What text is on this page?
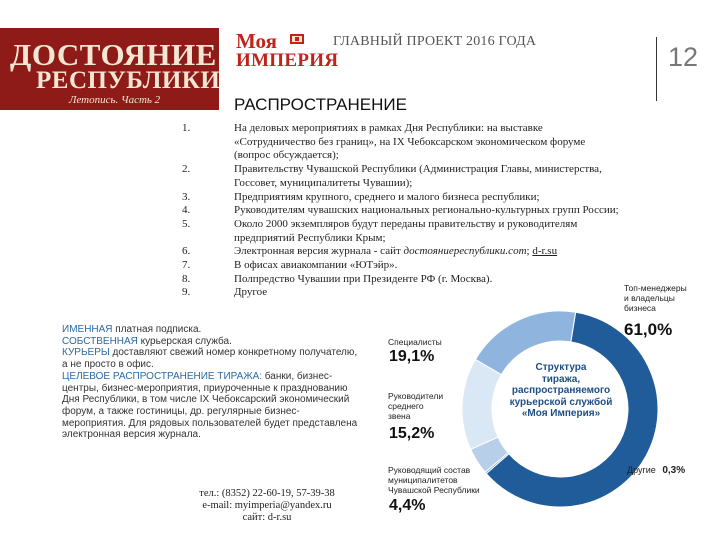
ДОСТОЯНИЕ
РЕСПУБЛИКИ
Летопись. Часть 2
Моя
ИМПЕРИЯ
ГЛАВНЫЙ ПРОЕКТ 2016 ГОДА
12
РАСПРОСТРАНЕНИЕ
1.	На деловых мероприятиях в рамках Дня Республики: на выставке
«Сотрудничество без границ», на IX Чебоксарском экономическом форуме
(вопрос обсуждается);
2.	Правительству Чувашской Республики (Администрация Главы, министерства,
Госсовет, муниципалитеты Чувашии);
3.	Предприятиям крупного, среднего и малого бизнеса республики;
4.	Руководителям чувашских национальных регионально-культурных групп России;
5.	Около 2000 экземпляров будут переданы правительству и руководителям
предприятий Республики Крым;
6.	Электронная версия журнала - сайт достояниереспублики.com; d-r.su
7.	В офисах авиакомпании «ЮТэйр».
8.	Полпредство Чувашии при Президенте РФ (г. Москва).
9.	Другое
ИМЕННАЯ платная подписка.
СОБСТВЕННАЯ курьерская служба.
КУРЬЕРЫ доставляют свежий номер конкретному получателю, а не просто в офис.
ЦЕЛЕВОЕ РАСПРОСТРАНЕНИЕ ТИРАЖА: банки, бизнес-центры, бизнес-мероприятия, приуроченные к празднованию Дня Республики, в том числе IX Чебоксарский экономический форум, а также гостиницы, др. регулярные бизнес-мероприятия. Для рядовых пользователей будет представлена электронная версия журнала.
тел.: (8352) 22-60-19, 57-39-38
e-mail: myimperia@yandex.ru
сайт: d-r.su
Топ-менеджеры
и владельцы
бизнеса
61,0%
Специалисты
19,1%
Руководители
среднего
звена
15,2%
Руководящий состав
муниципалитетов
Чувашской Республики
4,4%
Другие 0,3%
Структура
тиража,
распространяемого
курьерской службой
«Моя Империя»
